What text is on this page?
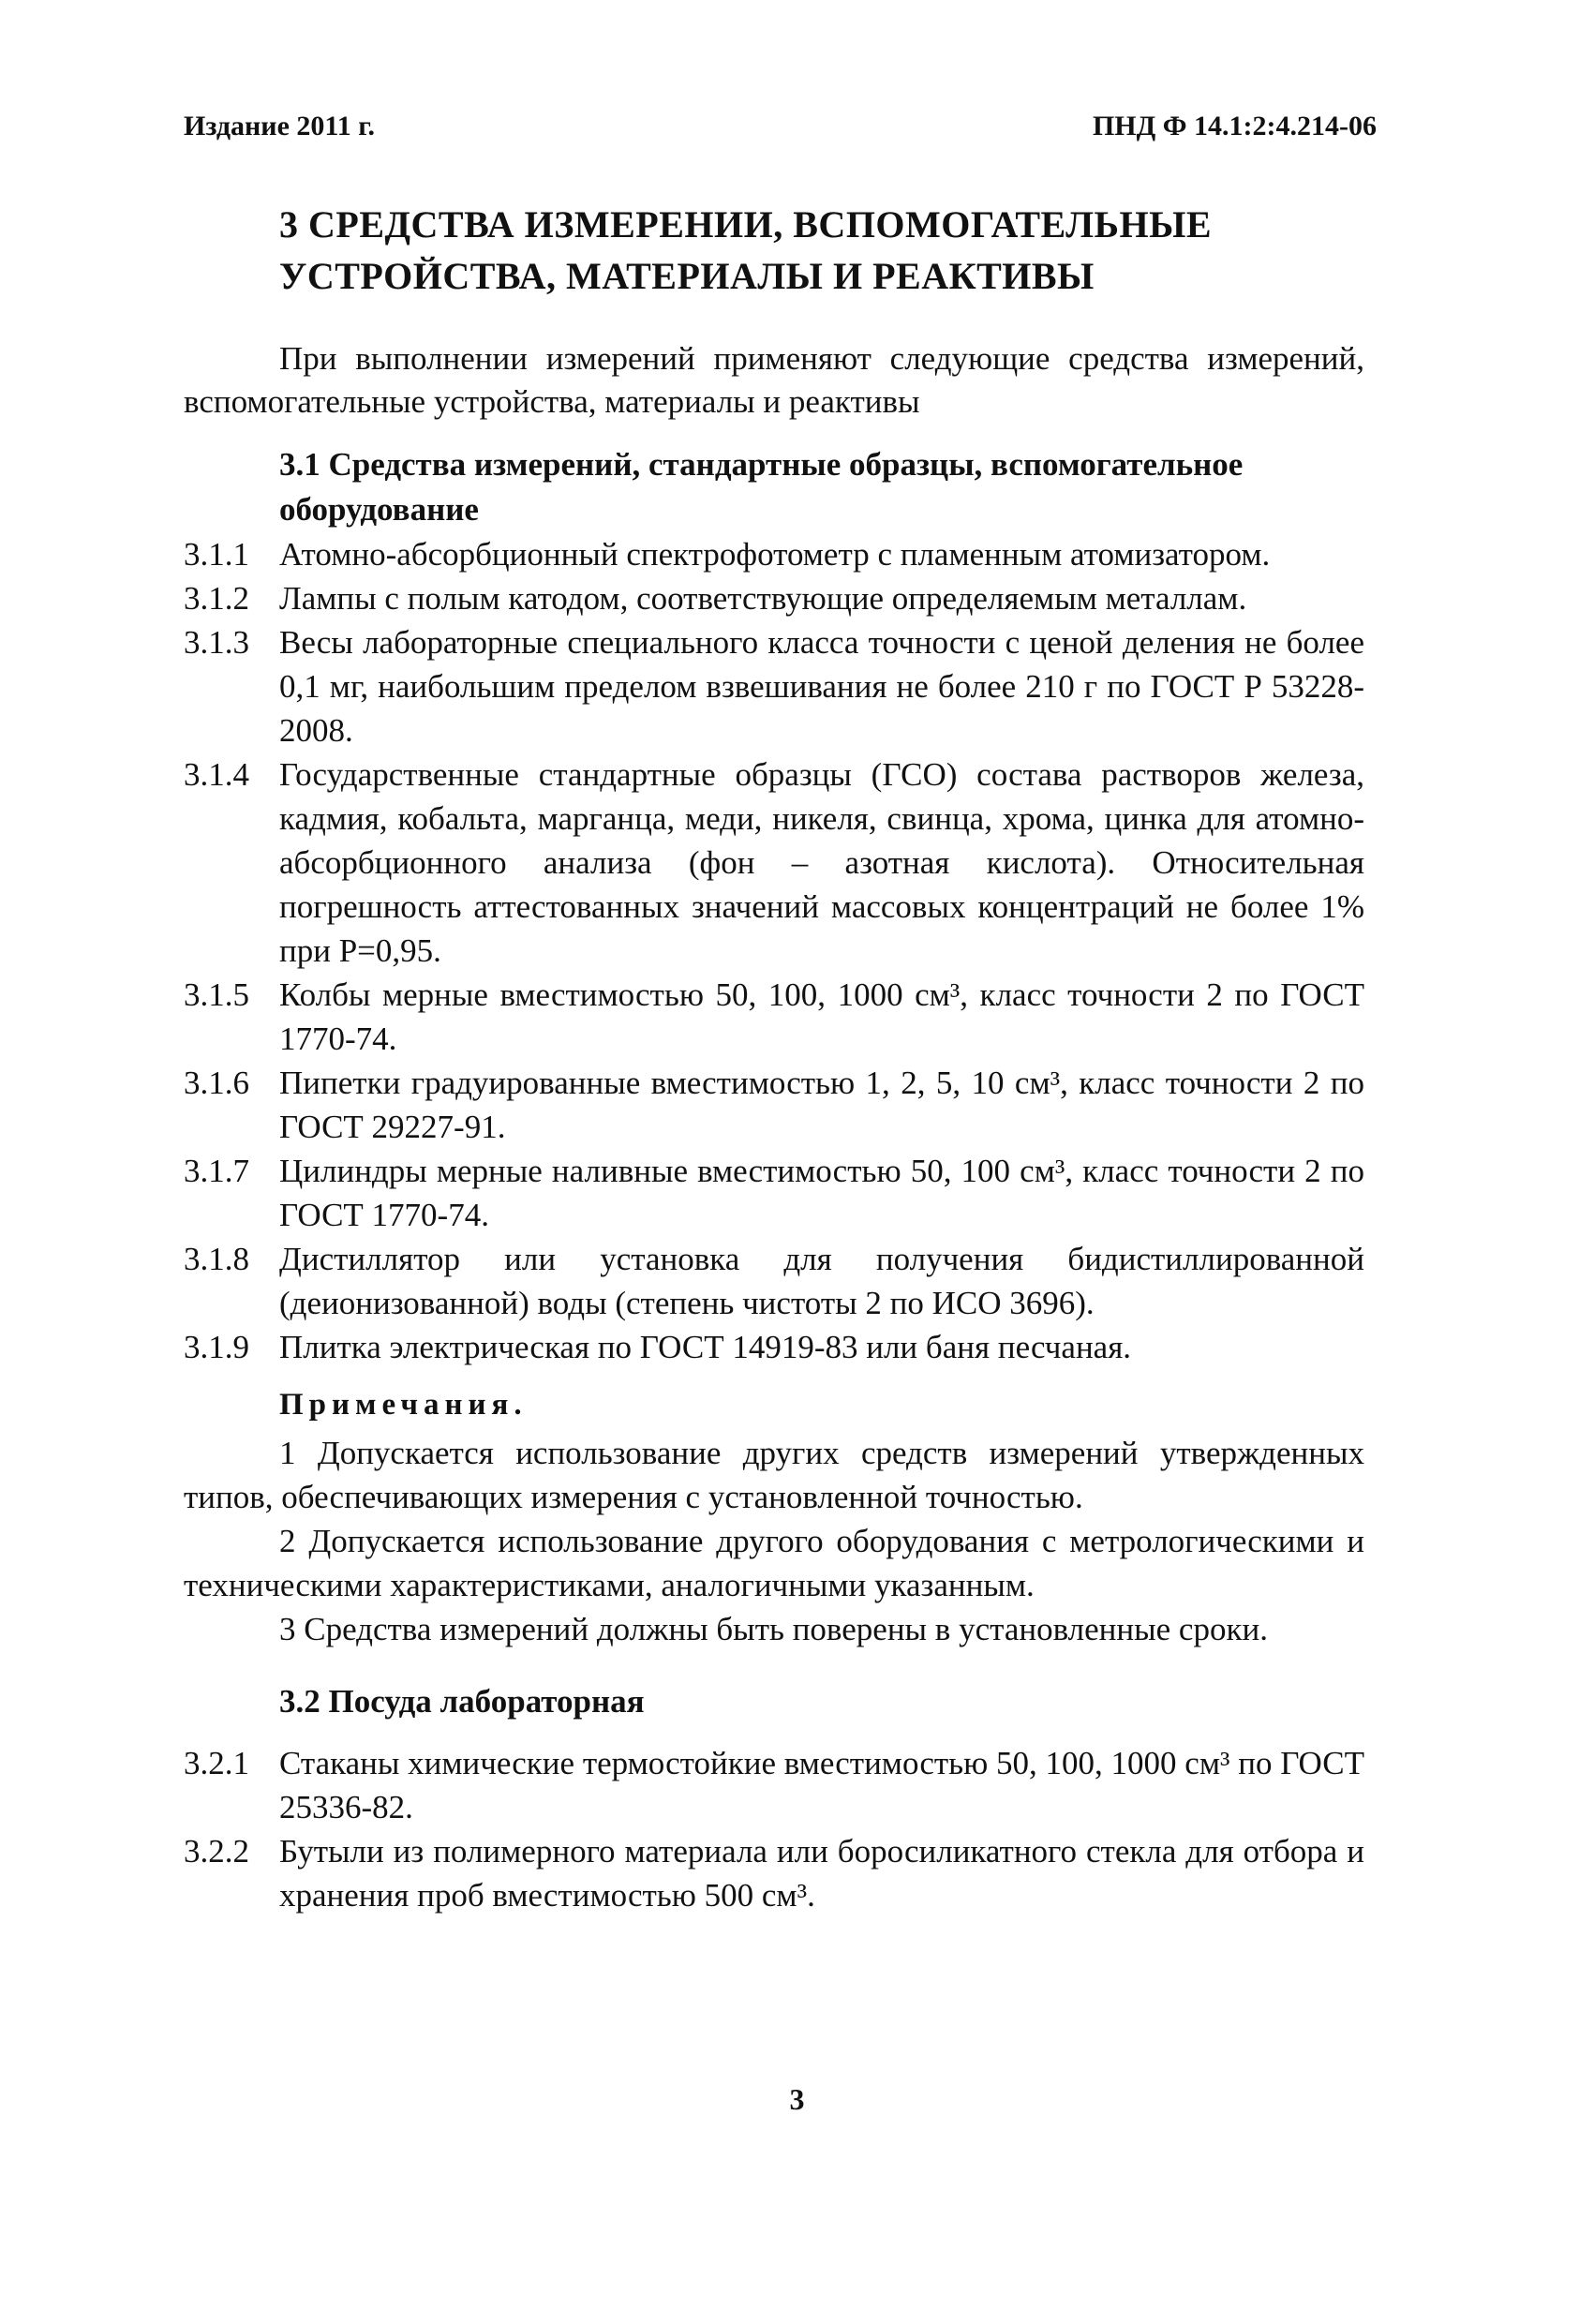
Издание 2011 г.	ПНД Ф 14.1:2:4.214-06
3 СРЕДСТВА ИЗМЕРЕНИИ, ВСПОМОГАТЕЛЬНЫЕ
УСТРОЙСТВА, МАТЕРИАЛЫ И РЕАКТИВЫ

При выполнении измерений применяют следующие средства измерений, вспомогательные устройства, материалы и реактивы

3.1 Средства измерений, стандартные образцы, вспомогательное оборудование

3.1.1 Атомно-абсорбционный спектрофотометр с пламенным атомизатором.
3.1.2 Лампы с полым катодом, соответствующие определяемым металлам.
3.1.3 Весы лабораторные специального класса точности с ценой деления не более 0,1 мг, наибольшим пределом взвешивания не более 210 г по ГОСТ Р 53228-2008.
3.1.4 Государственные стандартные образцы (ГСО) состава растворов железа, кадмия, кобальта, марганца, меди, никеля, свинца, хрома, цинка для атомно-абсорбционного анализа (фон – азотная кислота). Относительная погрешность аттестованных значений массовых концентраций не более 1% при P=0,95.
3.1.5 Колбы мерные вместимостью 50, 100, 1000 см³, класс точности 2 по ГОСТ 1770-74.
3.1.6 Пипетки градуированные вместимостью 1, 2, 5, 10 см³, класс точности 2 по ГОСТ 29227-91.
3.1.7 Цилиндры мерные наливные вместимостью 50, 100 см³, класс точности 2 по ГОСТ 1770-74.
3.1.8 Дистиллятор или установка для получения бидистиллированной (деионизованной) воды (степень чистоты 2 по ИСО 3696).
3.1.9 Плитка электрическая по ГОСТ 14919-83 или баня песчаная.

Примечания.

1 Допускается использование других средств измерений утвержденных типов, обеспечивающих измерения с установленной точностью.

2 Допускается использование другого оборудования с метрологическими и техническими характеристиками, аналогичными указанным.

3 Средства измерений должны быть поверены в установленные сроки.

3.2 Посуда лабораторная

3.2.1 Стаканы химические термостойкие вместимостью 50, 100, 1000 см³ по ГОСТ 25336-82.
3.2.2 Бутыли из полимерного материала или боросиликатного стекла для отбора и хранения проб вместимостью 500 см³.
3
